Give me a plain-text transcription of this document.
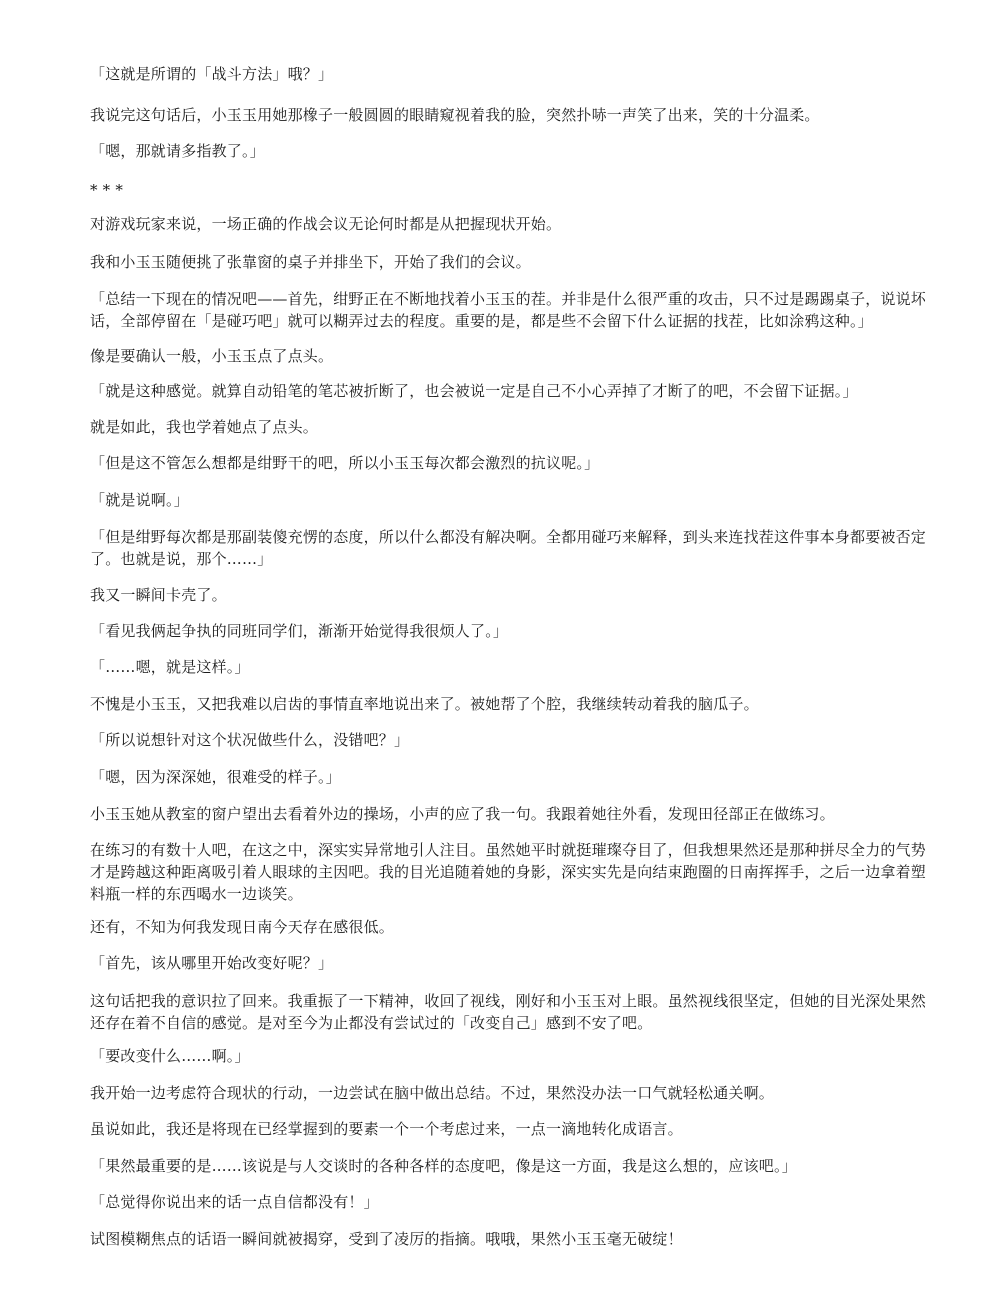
「这就是所谓的「战斗方法」哦？」

我说完这句话后，小玉玉用她那橡子一般圆圆的眼睛窥视着我的脸，突然扑哧一声笑了出来，笑的十分温柔。

「嗯，那就请多指教了。」

* * *

对游戏玩家来说，一场正确的作战会议无论何时都是从把握现状开始。

我和小玉玉随便挑了张靠窗的桌子并排坐下，开始了我们的会议。

「总结一下现在的情况吧——首先，绀野正在不断地找着小玉玉的茬。并非是什么很严重的攻击，只不过是踢踢桌子，说说坏话，全部停留在「是碰巧吧」就可以糊弄过去的程度。重要的是，都是些不会留下什么证据的找茬，比如涂鸦这种。」

像是要确认一般，小玉玉点了点头。

「就是这种感觉。就算自动铅笔的笔芯被折断了，也会被说一定是自己不小心弄掉了才断了的吧，不会留下证据。」

就是如此，我也学着她点了点头。

「但是这不管怎么想都是绀野干的吧，所以小玉玉每次都会激烈的抗议呢。」

「就是说啊。」

「但是绀野每次都是那副装傻充愣的态度，所以什么都没有解决啊。全都用碰巧来解释，到头来连找茬这件事本身都要被否定了。也就是说，那个……」

我又一瞬间卡壳了。

「看见我俩起争执的同班同学们，渐渐开始觉得我很烦人了。」

「……嗯，就是这样。」

不愧是小玉玉，又把我难以启齿的事情直率地说出来了。被她帮了个腔，我继续转动着我的脑瓜子。

「所以说想针对这个状况做些什么，没错吧？」

「嗯，因为深深她，很难受的样子。」

小玉玉她从教室的窗户望出去看着外边的操场，小声的应了我一句。我跟着她往外看，发现田径部正在做练习。

在练习的有数十人吧，在这之中，深实实异常地引人注目。虽然她平时就挺璀璨夺目了，但我想果然还是那种拼尽全力的气势才是跨越这种距离吸引着人眼球的主因吧。我的目光追随着她的身影，深实实先是向结束跑圈的日南挥挥手，之后一边拿着塑料瓶一样的东西喝水一边谈笑。

还有，不知为何我发现日南今天存在感很低。

「首先，该从哪里开始改变好呢？」

这句话把我的意识拉了回来。我重振了一下精神，收回了视线，刚好和小玉玉对上眼。虽然视线很坚定，但她的目光深处果然还存在着不自信的感觉。是对至今为止都没有尝试过的「改变自己」感到不安了吧。

「要改变什么……啊。」

我开始一边考虑符合现状的行动，一边尝试在脑中做出总结。不过，果然没办法一口气就轻松通关啊。

虽说如此，我还是将现在已经掌握到的要素一个一个考虑过来，一点一滴地转化成语言。

「果然最重要的是……该说是与人交谈时的各种各样的态度吧，像是这一方面，我是这么想的，应该吧。」

「总觉得你说出来的话一点自信都没有！」

试图模糊焦点的话语一瞬间就被揭穿，受到了凌厉的指摘。哦哦，果然小玉玉毫无破绽！
